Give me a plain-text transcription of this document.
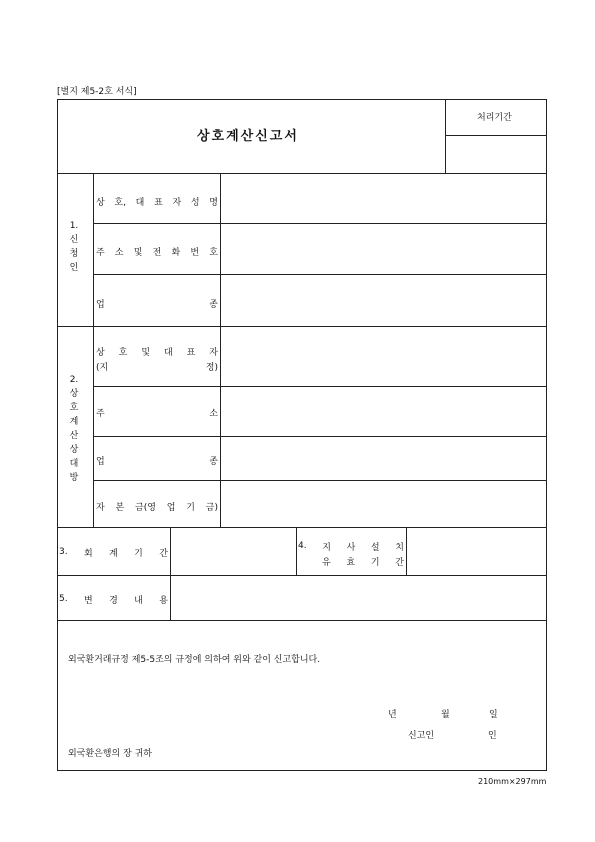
[별지 제5-2호 서식]
상호계산신고서
처리기간
1.
신
청
인
상 호, 대 표 자 성 명
주 소 및 전 화 번 호
업	종
2.
상
호
계
산
상
대
방
상 호 및 대 표 자
(지	정)
주	소
업	종
자 본 금(영 업 기 금)
3. 회 계 기 간
4. 지 사 설 치
유 효 기 간
5. 변 경 내 용
외국환거래규정 제5-5조의 규정에 의하여 위와 같이 신고합니다.
년	월	일
신고인	인
외국환은행의 장 귀하
210mm×297mm
